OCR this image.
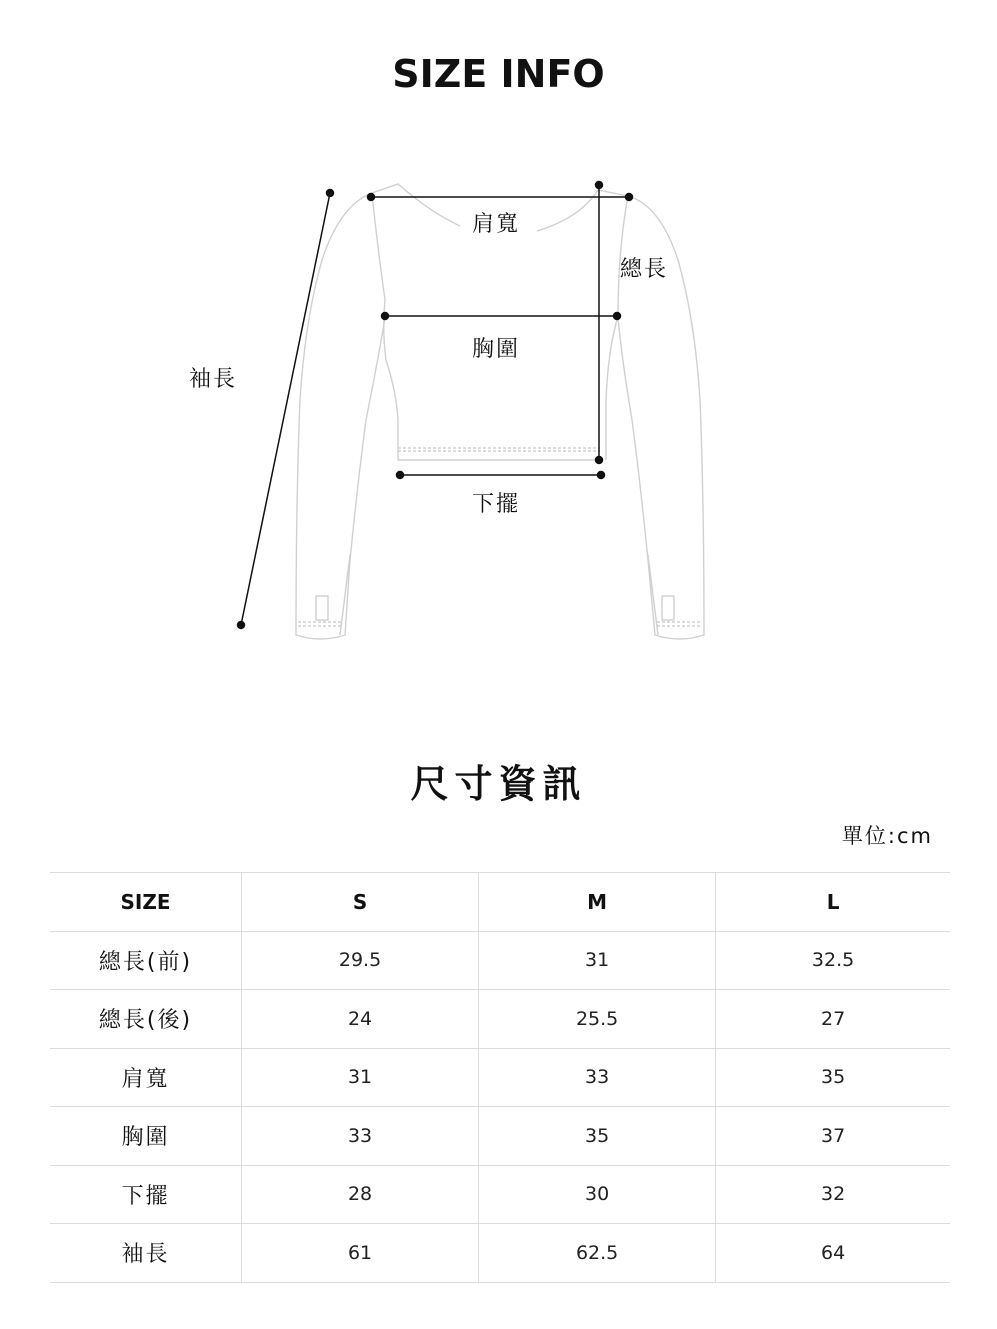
SIZE INFO
肩寬
總長
胸圍
袖長
下擺
尺寸資訊
單位:cm
SIZE	S	M	L
總長(前)	29.5	31	32.5
總長(後)	24	25.5	27
肩寬	31	33	35
胸圍	33	35	37
下擺	28	30	32
袖長	61	62.5	64
